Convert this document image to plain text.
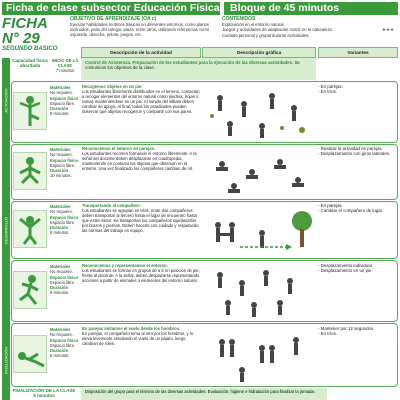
Ficha de clase subsector Educación Física Bloque de 45 minutos
FICHA N° 29
SEGUNDO BASICO
OBJETIVO DE APRENDIZAJE (OA c)
Ejecutar habilidades motrices básicas en diferentes entornos, como planos inclinados, patio del colegio, plaza, entre otros, utilizando referencias como izquierda, derecha, pelota, juegos, etc.
CONTENIDOS
Exploración en el entorno natural.
Juegos y actividades de adaptación motriz en la naturaleza.
Cuidado personal y grupal durante actividades.
★★★
Descripción de la actividad	Descripción gráfica	Variantes
ACTIVACIÓN
DESARROLLO
FINALIZACIÓN
Capacidad física abordada
INICIO DE LA CLASE
7 minutos
Control de Asistencia. Preparación de los estudiantes para la ejecución de las diversas actividades. Se comunican los objetivos de la clase.
Materiales
No requiere.
Espacio físico
Espacio libre.
Duración
8 minutos.
Recogemos objetos en un pie.
Los estudiantes libremente distribuidos en el terreno, contactan a recoger elementos del entorno natural como piedras, hojas o ramas manteniéndose en un pie. Al sonido del silbato deben cambiar de apoyo. Al final, todos los estudiantes pueden observar qué objetos recogieron y compartir con sus pares.
- En parejas.
- En tríos.
Materiales
No requiere.
Espacio físico
Espacio libre.
Duración
10 minutos.
Reconocemos el entorno en parejas.
Los estudiantes recorren formando el entorno libremente. A la señal del docente deben desplazarse en cuadrupedia, manteniendo en contacto los objetos que observan en el entorno. Una vez finalizado los compañeros cambian de rol.
- Realizar la actividad en parejas.
- Desplazamiento con giros laterales.
Materiales
No requiere.
Espacio físico
Espacio libre.
Duración
8 minutos.
Transportando al compañero.
Los estudiantes se agrupan en tríos; entre dos compañeros deben transportar al tercero hasta el lugar de encuentro hasta que estén listos. Se transportan los compañeros sujetándolos por brazos y piernas. Deben hacerlo con cuidado y respetando las normas del trabajo en equipo.
- En parejas.
- Cambiar el compañero de lugar.
Materiales
No requiere.
Espacio físico
Espacio libre.
Duración
6 minutos.
Reconocemos y representamos el entorno.
Los estudiantes se forman en grupos de a 5 en posición de pie, frente al docente. A la señal, deben desplazarse representando acciones a partir de animales o elementos del entorno natural.
- Desplazamiento individual.
- Desplazamiento en un pie.
Materiales
No requiere.
Espacio físico
Espacio libre.
Duración
6 minutos.
En parejas imitamos el vuelo desde los hombros.
En parejas, el compañero toma al otro por los hombros, y lo eleva levemente simulando el vuelo de un pájaro, luego cambian de roles.
- Mantener por 12 segundos.
- En tríos.
FINALIZACIÓN DE LA CLASE
5 minutos
Disposición del grupo para el término de las diversas actividades. Evaluación, higiene e hidratación para finalizar la jornada.
